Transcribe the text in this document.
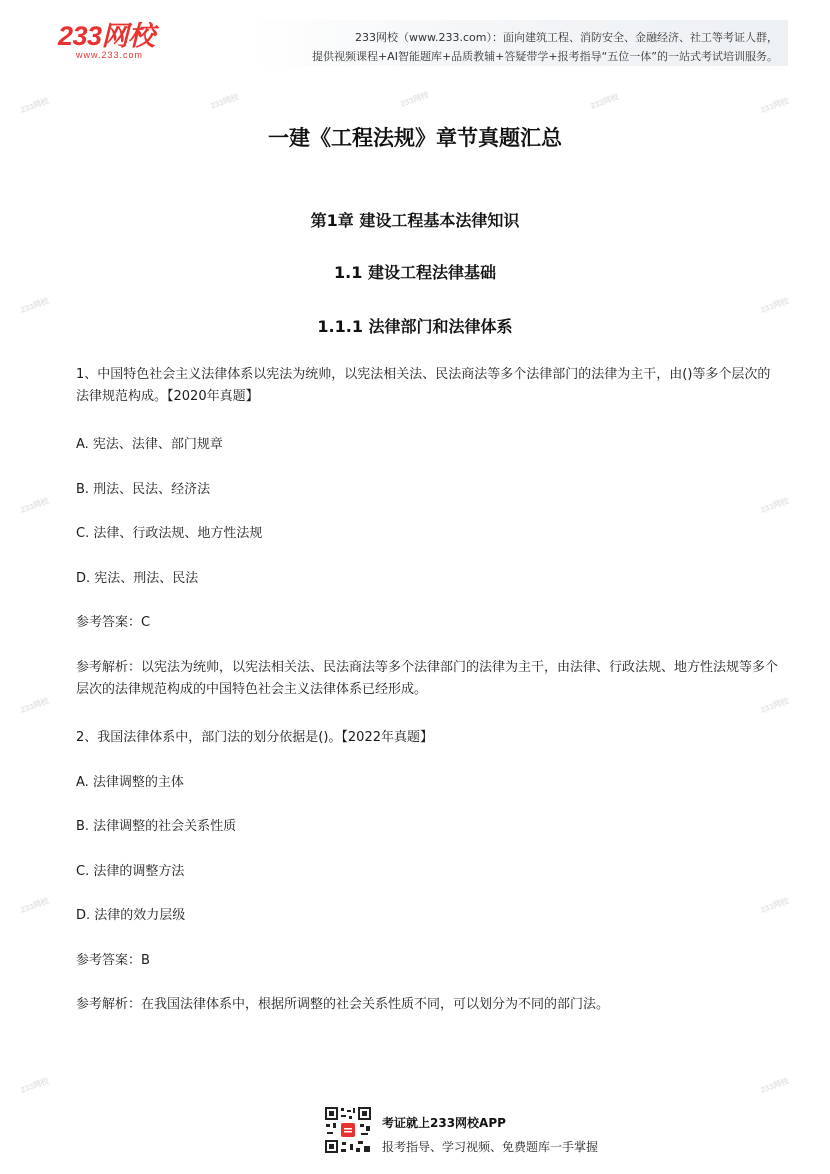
233网校
www.233.com
233网校（www.233.com）：面向建筑工程、消防安全、金融经济、社工等考证人群，
提供视频课程+AI智能题库+品质教辅+答疑带学+报考指导“五位一体”的一站式考试培训服务。
233网校	233网校	233网校	233网校	233网校
233网校	233网校
233网校	233网校
233网校	233网校
233网校	233网校
233网校	233网校
一建《工程法规》章节真题汇总
第1章 建设工程基本法律知识
1.1 建设工程法律基础
1.1.1 法律部门和法律体系
1、中国特色社会主义法律体系以宪法为统帅，以宪法相关法、民法商法等多个法律部门的法律为主干，由()等多个层次的法律规范构成。【2020年真题】
A. 宪法、法律、部门规章
B. 刑法、民法、经济法
C. 法律、行政法规、地方性法规
D. 宪法、刑法、民法
参考答案：C
参考解析：以宪法为统帅，以宪法相关法、民法商法等多个法律部门的法律为主干，由法律、行政法规、地方性法规等多个层次的法律规范构成的中国特色社会主义法律体系已经形成。
2、我国法律体系中，部门法的划分依据是()。【2022年真题】
A. 法律调整的主体
B. 法律调整的社会关系性质
C. 法律的调整方法
D. 法律的效力层级
参考答案：B
参考解析：在我国法律体系中，根据所调整的社会关系性质不同，可以划分为不同的部门法。
考证就上233网校APP
报考指导、学习视频、免费题库一手掌握
